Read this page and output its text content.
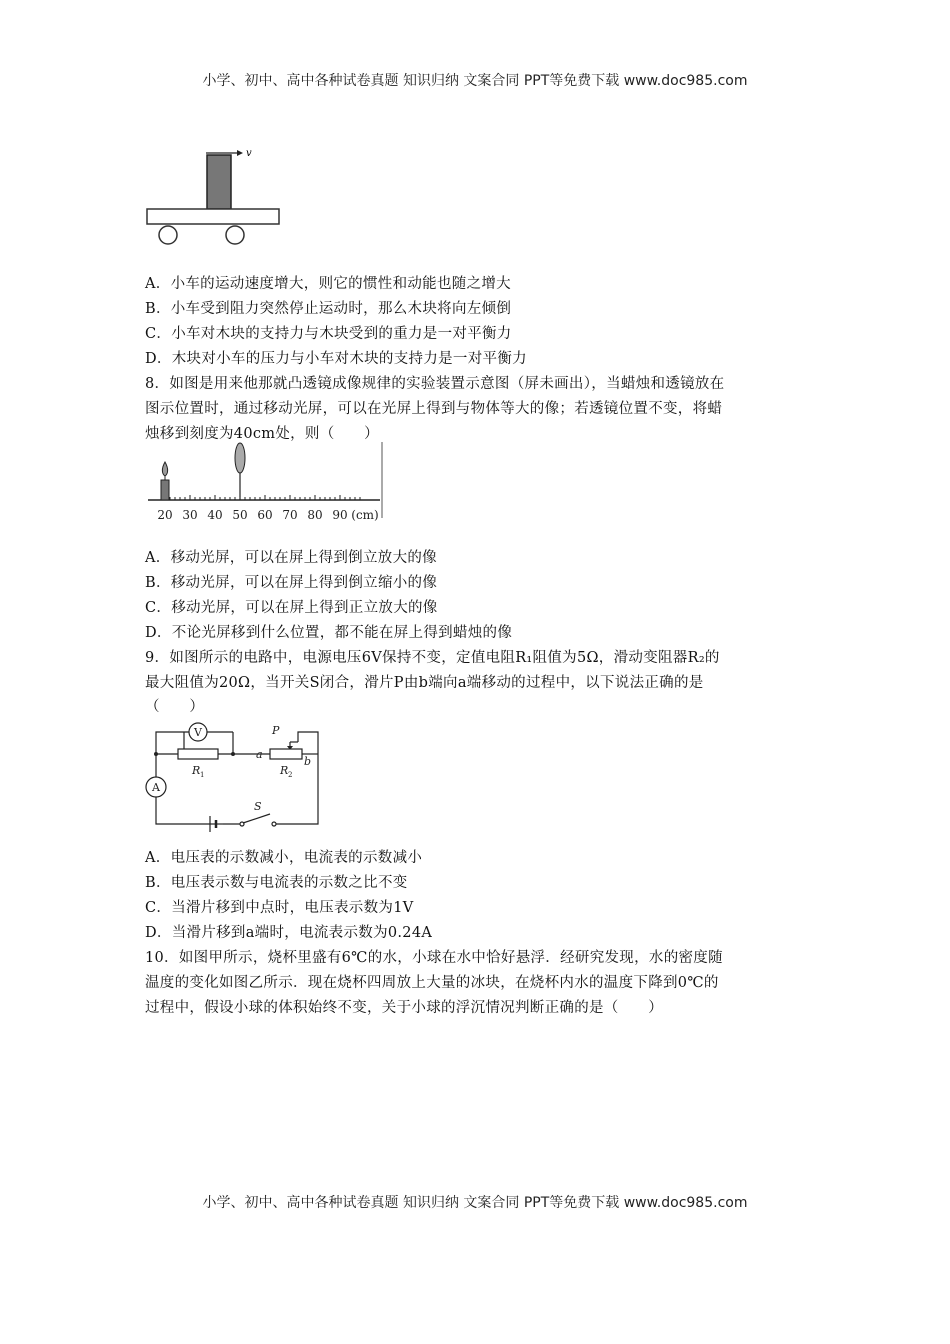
小学、初中、高中各种试卷真题 知识归纳 文案合同 PPT等免费下载 www.doc985.com
v
A．小车的运动速度增大，则它的惯性和动能也随之增大
B．小车受到阻力突然停止运动时，那么木块将向左倾倒
C．小车对木块的支持力与木块受到的重力是一对平衡力
D．木块对小车的压力与小车对木块的支持力是一对平衡力
8．如图是用来他那就凸透镜成像规律的实验装置示意图（屏未画出），当蜡烛和透镜放在
图示位置时，通过移动光屏，可以在光屏上得到与物体等大的像；若透镜位置不变，将蜡
烛移到刻度为40cm处，则（　　）
20 30 40 50 60 70 80 90 (cm)
A．移动光屏，可以在屏上得到倒立放大的像
B．移动光屏，可以在屏上得到倒立缩小的像
C．移动光屏，可以在屏上得到正立放大的像
D．不论光屏移到什么位置，都不能在屏上得到蜡烛的像
9．如图所示的电路中，电源电压6V保持不变，定值电阻R₁阻值为5Ω，滑动变阻器R₂的
最大阻值为20Ω，当开关S闭合，滑片P由b端向a端移动的过程中，以下说法正确的是
（　　）
V
A
R 1	R 2
a
b
P
S
A．电压表的示数减小，电流表的示数减小
B．电压表示数与电流表的示数之比不变
C．当滑片移到中点时，电压表示数为1V
D．当滑片移到a端时，电流表示数为0.24A
10．如图甲所示，烧杯里盛有6℃的水，小球在水中恰好悬浮．经研究发现，水的密度随
温度的变化如图乙所示．现在烧杯四周放上大量的冰块，在烧杯内水的温度下降到0℃的
过程中，假设小球的体积始终不变，关于小球的浮沉情况判断正确的是（　　）
小学、初中、高中各种试卷真题 知识归纳 文案合同 PPT等免费下载 www.doc985.com
